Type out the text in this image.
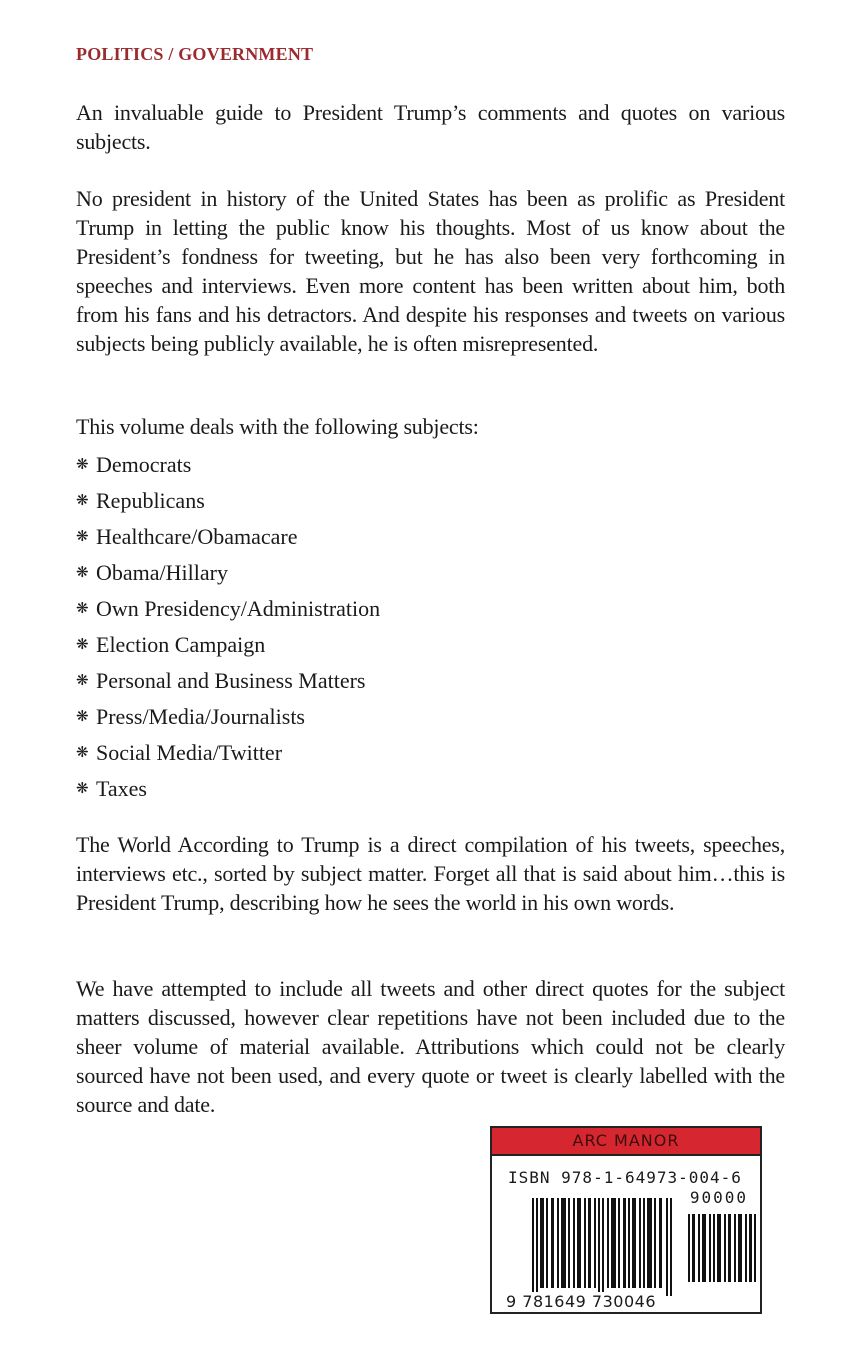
POLITICS / GOVERNMENT

An invaluable guide to President Trump’s comments and quotes on various subjects.

No president in history of the United States has been as prolific as President Trump in letting the public know his thoughts. Most of us know about the President’s fondness for tweeting, but he has also been very forthcoming in speeches and interviews. Even more content has been written about him, both from his fans and his detractors. And despite his responses and tweets on various subjects being publicly available, he is often misrepresented.

This volume deals with the following subjects:

❋ Democrats
❋ Republicans
❋ Healthcare/Obamacare
❋ Obama/Hillary
❋ Own Presidency/Administration
❋ Election Campaign
❋ Personal and Business Matters
❋ Press/Media/Journalists
❋ Social Media/Twitter
❋ Taxes

The World According to Trump is a direct compilation of his tweets, speeches, interviews etc., sorted by subject matter. Forget all that is said about him…this is President Trump, describing how he sees the world in his own words.

We have attempted to include all tweets and other direct quotes for the subject matters discussed, however clear repetitions have not been included due to the sheer volume of material available. Attributions which could not be clearly sourced have not been used, and every quote or tweet is clearly labelled with the source and date.

ARC MANOR
ISBN 978-1-64973-004-6
90000
9 781649 730046
